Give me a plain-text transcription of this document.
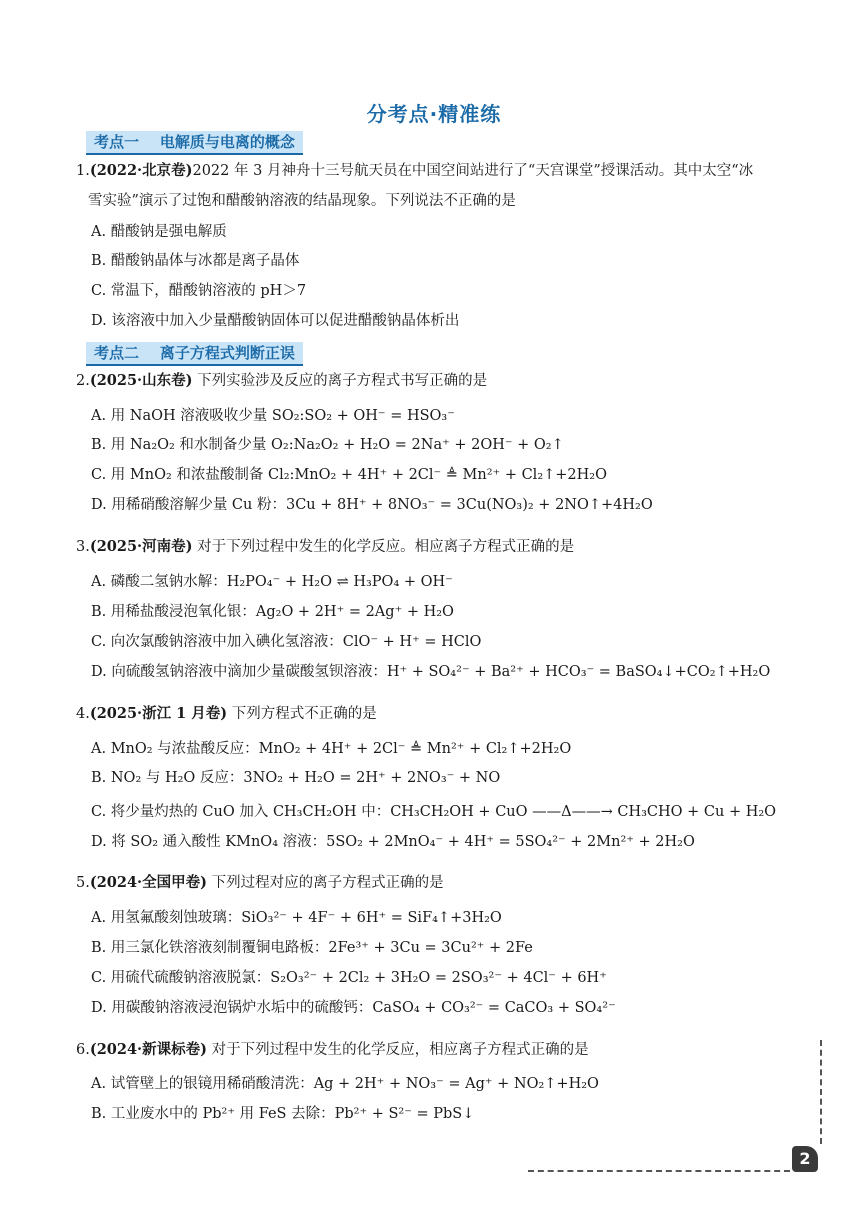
分考点·精准练
考点一    电解质与电离的概念
1.(2022·北京卷)2022 年 3 月神舟十三号航天员在中国空间站进行了“天宫课堂”授课活动。其中太空“冰
雪实验”演示了过饱和醋酸钠溶液的结晶现象。下列说法不正确的是
A. 醋酸钠是强电解质
B. 醋酸钠晶体与冰都是离子晶体
C. 常温下，醋酸钠溶液的 pH＞7
D. 该溶液中加入少量醋酸钠固体可以促进醋酸钠晶体析出
考点二    离子方程式判断正误
2.(2025·山东卷) 下列实验涉及反应的离子方程式书写正确的是
A. 用 NaOH 溶液吸收少量 SO₂:SO₂ + OH⁻ = HSO₃⁻
B. 用 Na₂O₂ 和水制备少量 O₂:Na₂O₂ + H₂O = 2Na⁺ + 2OH⁻ + O₂↑
C. 用 MnO₂ 和浓盐酸制备 Cl₂:MnO₂ + 4H⁺ + 2Cl⁻ ≜ Mn²⁺ + Cl₂↑+2H₂O
D. 用稀硝酸溶解少量 Cu 粉：3Cu + 8H⁺ + 8NO₃⁻ = 3Cu(NO₃)₂ + 2NO↑+4H₂O
3.(2025·河南卷) 对于下列过程中发生的化学反应。相应离子方程式正确的是
A. 磷酸二氢钠水解：H₂PO₄⁻ + H₂O ⇌ H₃PO₄ + OH⁻
B. 用稀盐酸浸泡氧化银：Ag₂O + 2H⁺ = 2Ag⁺ + H₂O
C. 向次氯酸钠溶液中加入碘化氢溶液：ClO⁻ + H⁺ = HClO
D. 向硫酸氢钠溶液中滴加少量碳酸氢钡溶液：H⁺ + SO₄²⁻ + Ba²⁺ + HCO₃⁻ = BaSO₄↓+CO₂↑+H₂O
4.(2025·浙江 1 月卷) 下列方程式不正确的是
A. MnO₂ 与浓盐酸反应：MnO₂ + 4H⁺ + 2Cl⁻ ≜ Mn²⁺ + Cl₂↑+2H₂O
B. NO₂ 与 H₂O 反应：3NO₂ + H₂O = 2H⁺ + 2NO₃⁻ + NO
C. 将少量灼热的 CuO 加入 CH₃CH₂OH 中：CH₃CH₂OH + CuO ——Δ——→ CH₃CHO + Cu + H₂O
D. 将 SO₂ 通入酸性 KMnO₄ 溶液：5SO₂ + 2MnO₄⁻ + 4H⁺ = 5SO₄²⁻ + 2Mn²⁺ + 2H₂O
5.(2024·全国甲卷) 下列过程对应的离子方程式正确的是
A. 用氢氟酸刻蚀玻璃：SiO₃²⁻ + 4F⁻ + 6H⁺ = SiF₄↑+3H₂O
B. 用三氯化铁溶液刻制覆铜电路板：2Fe³⁺ + 3Cu = 3Cu²⁺ + 2Fe
C. 用硫代硫酸钠溶液脱氯：S₂O₃²⁻ + 2Cl₂ + 3H₂O = 2SO₃²⁻ + 4Cl⁻ + 6H⁺
D. 用碳酸钠溶液浸泡锅炉水垢中的硫酸钙：CaSO₄ + CO₃²⁻ = CaCO₃ + SO₄²⁻
6.(2024·新课标卷) 对于下列过程中发生的化学反应，相应离子方程式正确的是
A. 试管壁上的银镜用稀硝酸清洗：Ag + 2H⁺ + NO₃⁻ = Ag⁺ + NO₂↑+H₂O
B. 工业废水中的 Pb²⁺ 用 FeS 去除：Pb²⁺ + S²⁻ = PbS↓
2
